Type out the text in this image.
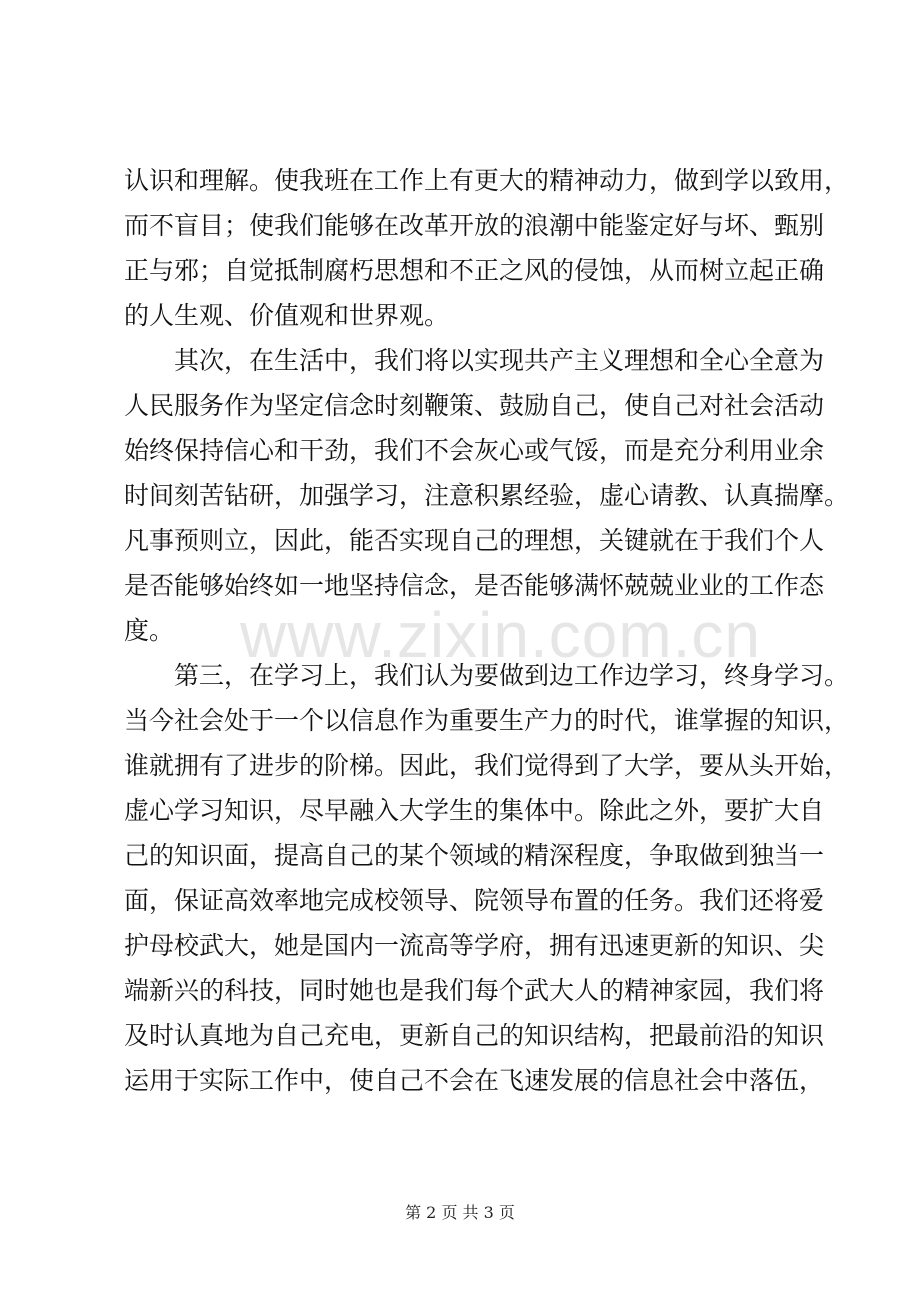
认识和理解。使我班在工作上有更大的精神动力，做到学以致用，
而不盲目；使我们能够在改革开放的浪潮中能鉴定好与坏、甄别
正与邪；自觉抵制腐朽思想和不正之风的侵蚀，从而树立起正确
的人生观、价值观和世界观。
其次，在生活中，我们将以实现共产主义理想和全心全意为
人民服务作为坚定信念时刻鞭策、鼓励自己，使自己对社会活动
始终保持信心和干劲，我们不会灰心或气馁，而是充分利用业余
时间刻苦钻研，加强学习，注意积累经验，虚心请教、认真揣摩。
凡事预则立，因此，能否实现自己的理想，关键就在于我们个人
是否能够始终如一地坚持信念，是否能够满怀兢兢业业的工作态
度。
第三，在学习上，我们认为要做到边工作边学习，终身学习。
当今社会处于一个以信息作为重要生产力的时代，谁掌握的知识，
谁就拥有了进步的阶梯。因此，我们觉得到了大学，要从头开始，
虚心学习知识，尽早融入大学生的集体中。除此之外，要扩大自
己的知识面，提高自己的某个领域的精深程度，争取做到独当一
面，保证高效率地完成校领导、院领导布置的任务。我们还将爱
护母校武大，她是国内一流高等学府，拥有迅速更新的知识、尖
端新兴的科技，同时她也是我们每个武大人的精神家园，我们将
及时认真地为自己充电，更新自己的知识结构，把最前沿的知识
运用于实际工作中，使自己不会在飞速发展的信息社会中落伍，
www.zixin.com.cn
第 2 页 共 3 页
